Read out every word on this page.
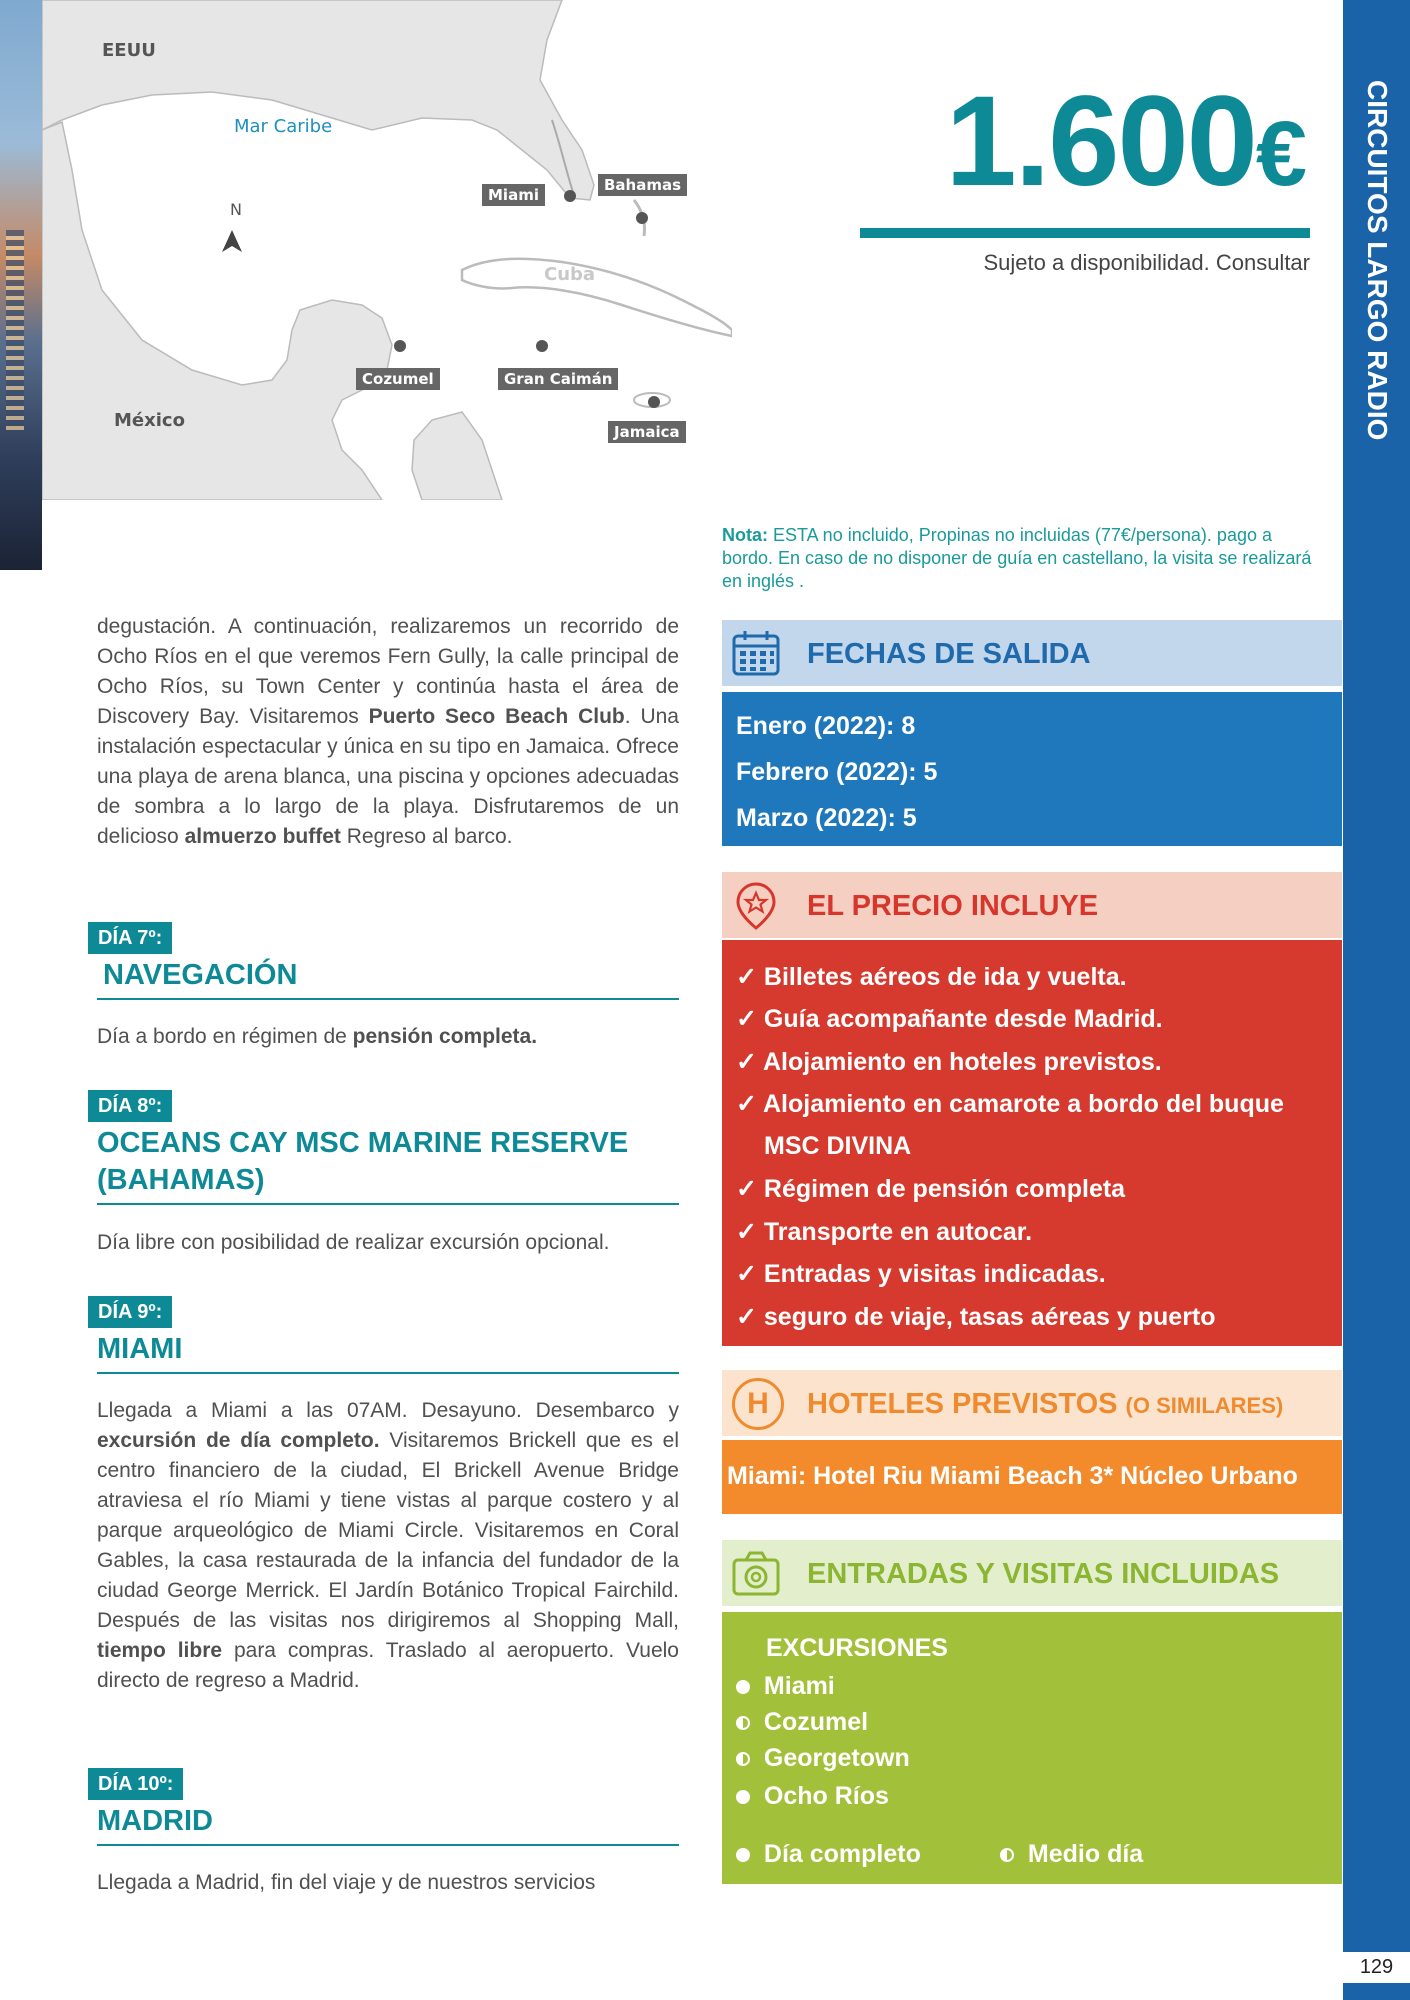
EEUU
México
Mar Caribe
N
Cuba
Miami
Bahamas
Cozumel	Gran Caimán
Jamaica
1.600€
Sujeto a disponibilidad. Consultar CIRCUITOS LARGO RADIO
129
Nota: ESTA no incluido, Propinas no incluidas (77€/persona). pago a bordo. En caso de no disponer de guía en castellano, la visita se realizará en inglés .
degustación. A continuación, realizaremos un recorrido de Ocho Ríos en el que veremos Fern Gully, la calle principal de Ocho Ríos, su Town Center y continúa hasta el área de Discovery Bay. Visitaremos Puerto Seco Beach Club. Una instalación espectacular y única en su tipo en Jamaica. Ofrece una playa de arena blanca, una piscina y opciones adecuadas de sombra a lo largo de la playa. Disfrutaremos de un delicioso almuerzo buffet Regreso al barco.
DÍA 7º:
NAVEGACIÓN
Día a bordo en régimen de pensión completa.
DÍA 8º:
OCEANS CAY MSC MARINE RESERVE
(BAHAMAS)
Día libre con posibilidad de realizar excursión opcional.
DÍA 9º:
MIAMI
Llegada a Miami a las 07AM. Desayuno. Desembarco y excursión de día completo. Visitaremos Brickell que es el centro financiero de la ciudad, El Brickell Avenue Bridge atraviesa el río Miami y tiene vistas al parque costero y al parque arqueológico de Miami Circle. Visitaremos en Coral Gables, la casa restaurada de la infancia del fundador de la ciudad George Merrick. El Jardín Botánico Tropical Fairchild. Después de las visitas nos dirigiremos al Shopping Mall, tiempo libre para compras. Traslado al aeropuerto. Vuelo directo de regreso a Madrid.
DÍA 10º:
MADRID
Llegada a Madrid, fin del viaje y de nuestros servicios
FECHAS DE SALIDA
Enero (2022): 8
Febrero (2022): 5
Marzo (2022): 5
EL PRECIO INCLUYE
✓ Billetes aéreos de ida y vuelta.
✓ Guía acompañante desde Madrid.
✓ Alojamiento en hoteles previstos.
✓ Alojamiento en camarote a bordo del buque
MSC DIVINA
✓ Régimen de pensión completa
✓ Transporte en autocar.
✓ Entradas y visitas indicadas.
✓ seguro de viaje, tasas aéreas y puerto
H	HOTELES PREVISTOS (O SIMILARES)
Miami: Hotel Riu Miami Beach 3* Núcleo Urbano
ENTRADAS Y VISITAS INCLUIDAS
EXCURSIONES
Miami
Cozumel
Georgetown
Ocho Ríos
Día completo	Medio día
